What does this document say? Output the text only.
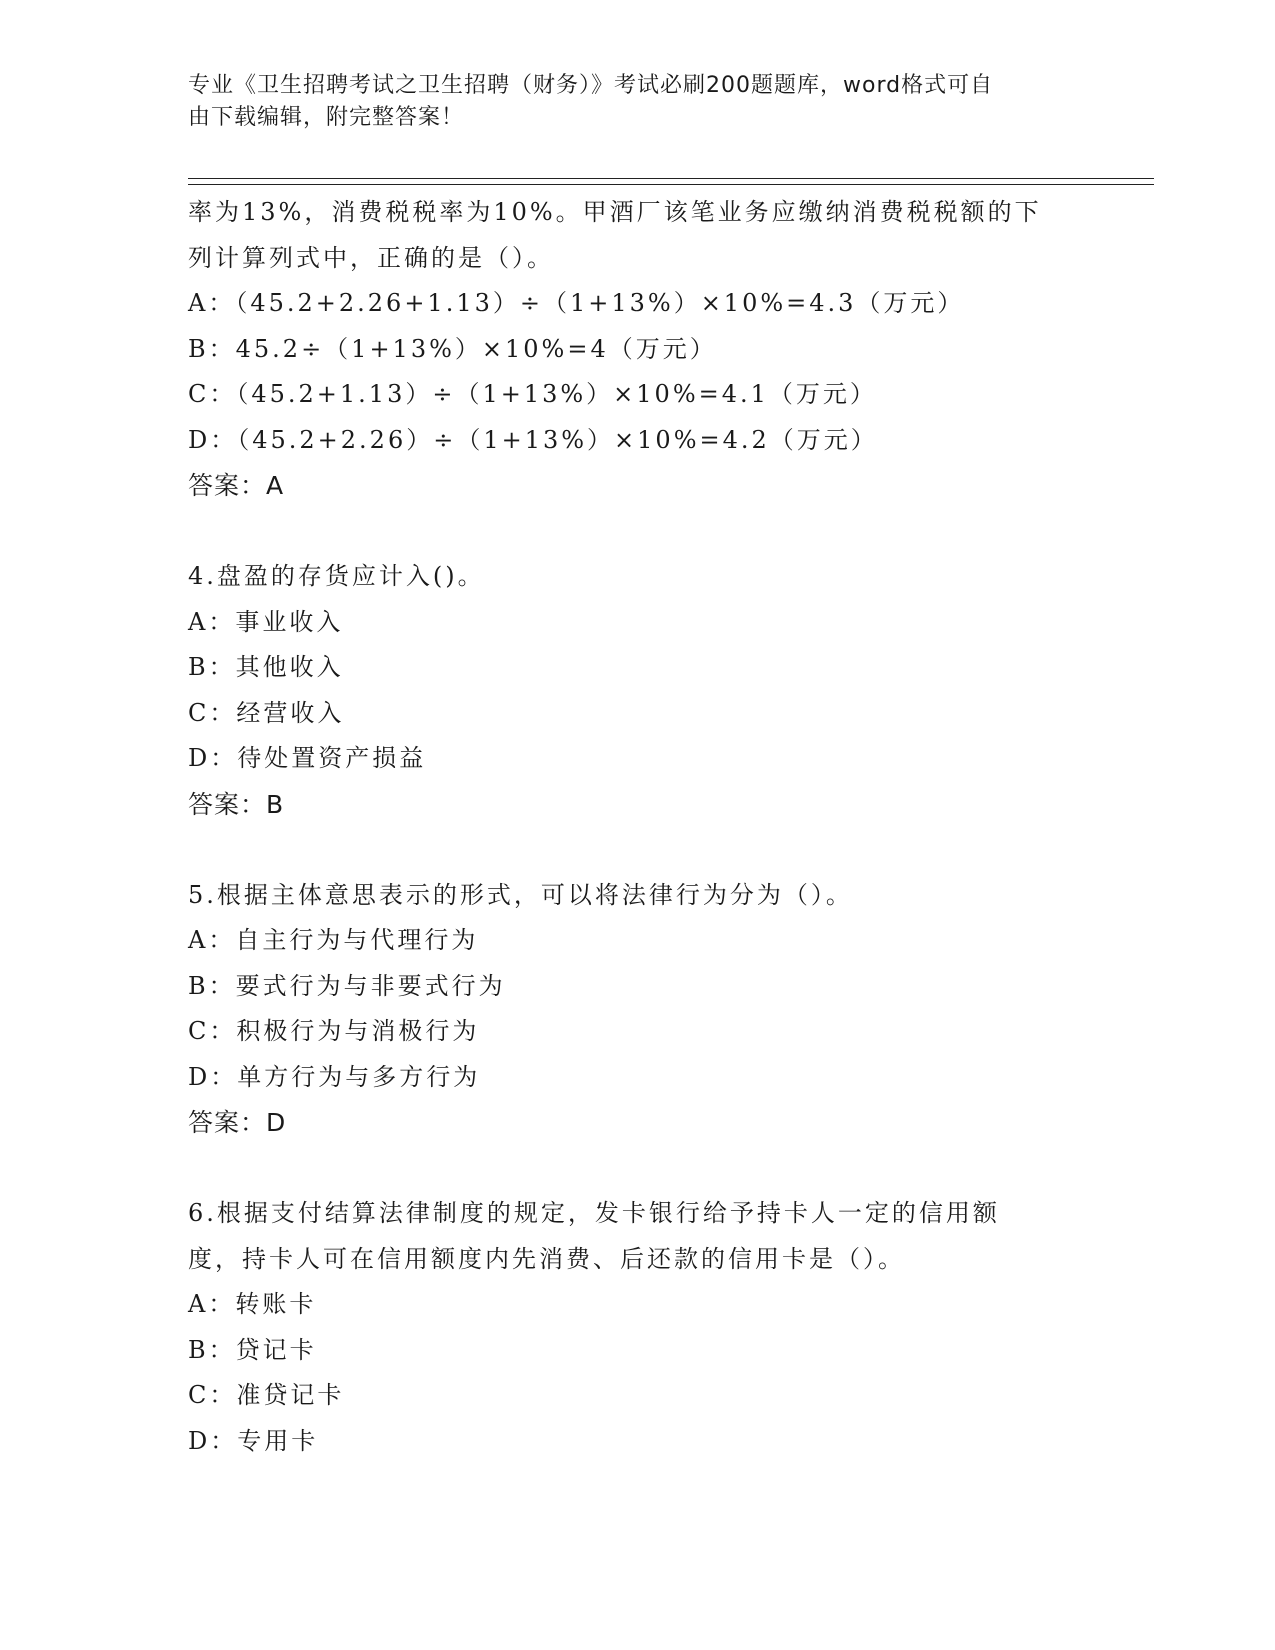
专业《卫生招聘考试之卫生招聘（财务）》考试必刷200题题库，word格式可自
由下载编辑，附完整答案！
率为13%，消费税税率为10%。甲酒厂该笔业务应缴纳消费税税额的下
列计算列式中，正确的是（）。
A：（45.2+2.26+1.13）÷（1+13%）×10%=4.3（万元）
B：45.2÷（1+13%）×10%=4（万元）
C：（45.2+1.13）÷（1+13%）×10%=4.1（万元）
D：（45.2+2.26）÷（1+13%）×10%=4.2（万元）
答案：A
4.盘盈的存货应计入()。
A：事业收入
B：其他收入
C：经营收入
D：待处置资产损益
答案：B
5.根据主体意思表示的形式，可以将法律行为分为（）。
A：自主行为与代理行为
B：要式行为与非要式行为
C：积极行为与消极行为
D：单方行为与多方行为
答案：D
6.根据支付结算法律制度的规定，发卡银行给予持卡人一定的信用额
度，持卡人可在信用额度内先消费、后还款的信用卡是（）。
A：转账卡
B：贷记卡
C：准贷记卡
D：专用卡
